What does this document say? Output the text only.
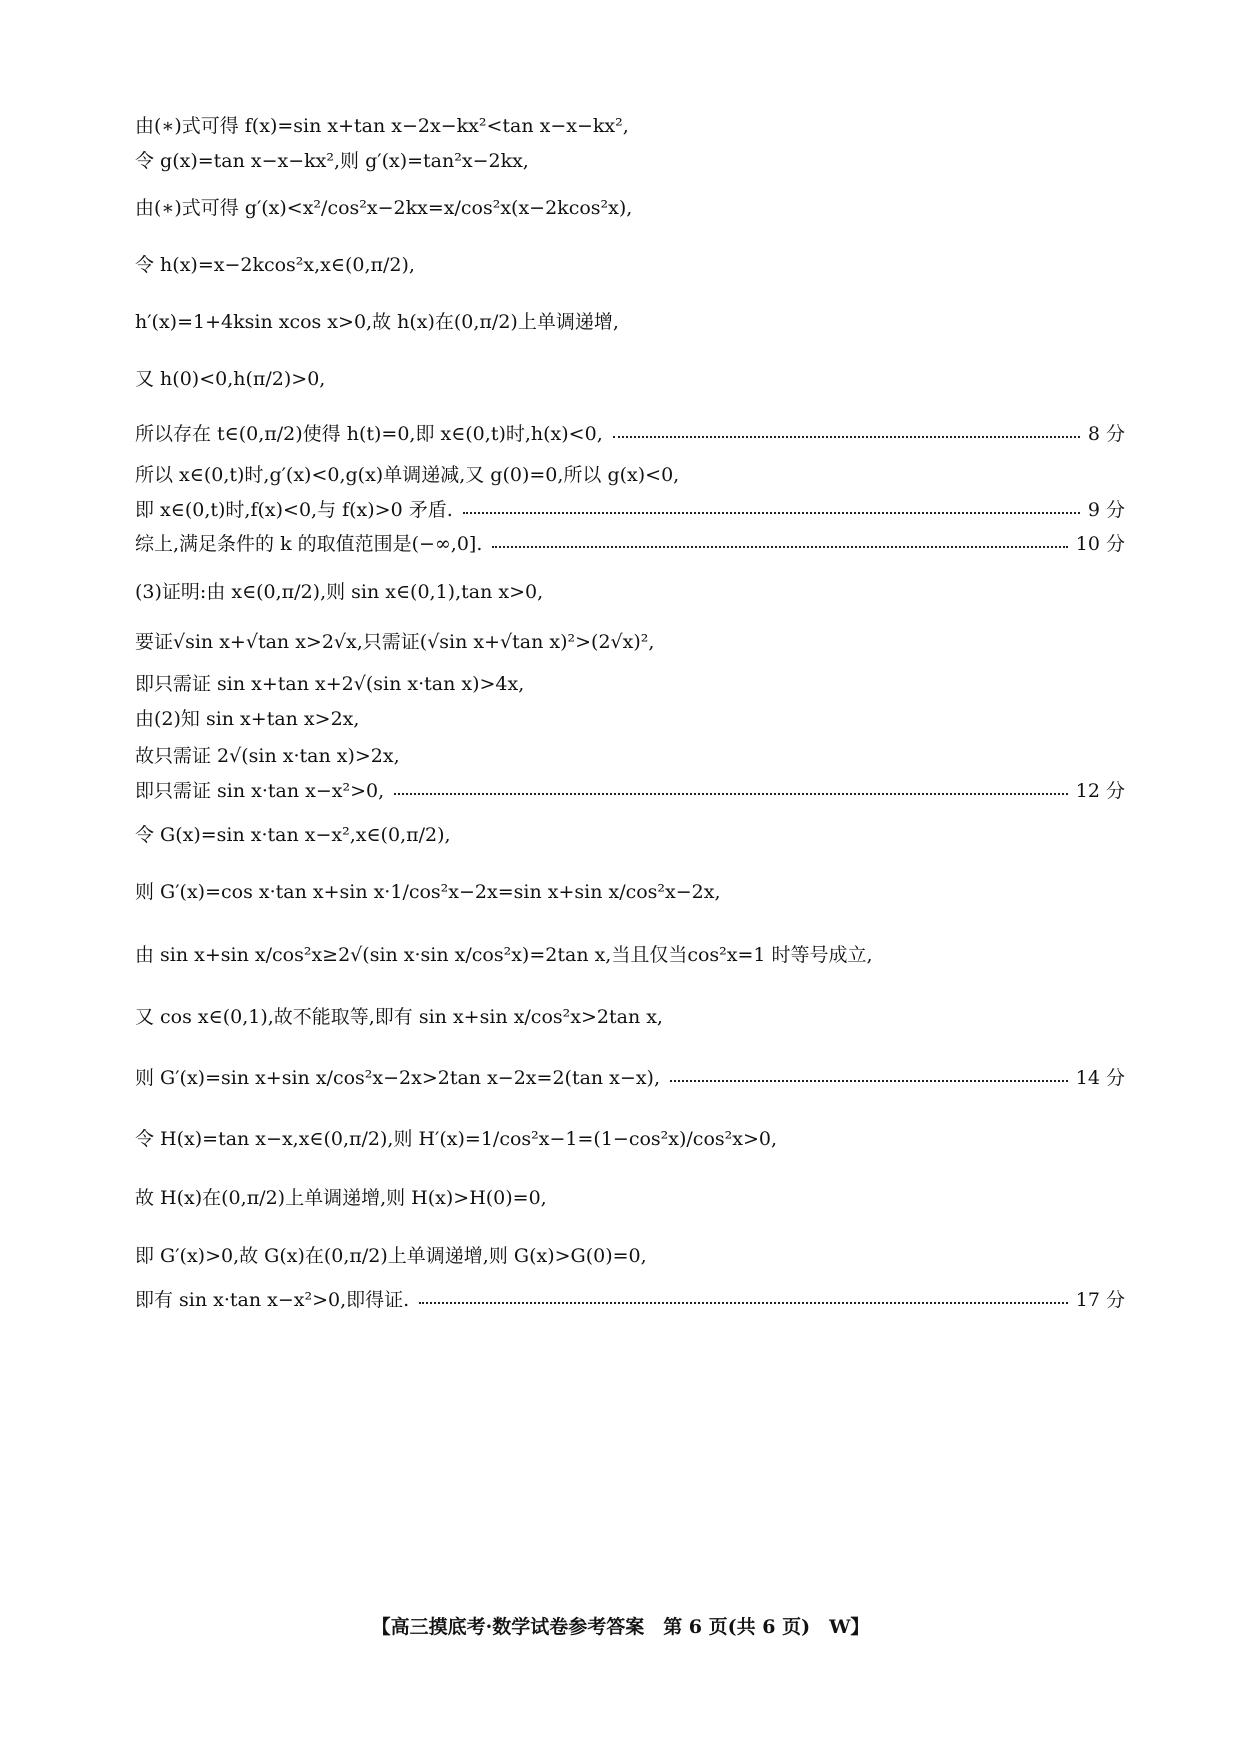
由(∗)式可得 f(x)=sin x+tan x−2x−kx²<tan x−x−kx²,
令 g(x)=tan x−x−kx²,则 g′(x)=tan²x−2kx,
由(∗)式可得 g′(x)<x²/cos²x−2kx=x/cos²x(x−2kcos²x),
令 h(x)=x−2kcos²x,x∈(0,π/2),
h′(x)=1+4ksin xcos x>0,故 h(x)在(0,π/2)上单调递增,
又 h(0)<0,h(π/2)>0,
所以存在 t∈(0,π/2)使得 h(t)=0,即 x∈(0,t)时,h(x)<0,	8 分
所以 x∈(0,t)时,g′(x)<0,g(x)单调递减,又 g(0)=0,所以 g(x)<0,
即 x∈(0,t)时,f(x)<0,与 f(x)>0 矛盾.	9 分
综上,满足条件的 k 的取值范围是(−∞,0].	10 分
(3)证明:由 x∈(0,π/2),则 sin x∈(0,1),tan x>0,
要证√sin x+√tan x>2√x,只需证(√sin x+√tan x)²>(2√x)²,
即只需证 sin x+tan x+2√(sin x·tan x)>4x,
由(2)知 sin x+tan x>2x,
故只需证 2√(sin x·tan x)>2x,
即只需证 sin x·tan x−x²>0,	12 分
令 G(x)=sin x·tan x−x²,x∈(0,π/2),
则 G′(x)=cos x·tan x+sin x·1/cos²x−2x=sin x+sin x/cos²x−2x,
由 sin x+sin x/cos²x≥2√(sin x·sin x/cos²x)=2tan x,当且仅当cos²x=1 时等号成立,
又 cos x∈(0,1),故不能取等,即有 sin x+sin x/cos²x>2tan x,
则 G′(x)=sin x+sin x/cos²x−2x>2tan x−2x=2(tan x−x),	14 分
令 H(x)=tan x−x,x∈(0,π/2),则 H′(x)=1/cos²x−1=(1−cos²x)/cos²x>0,
故 H(x)在(0,π/2)上单调递增,则 H(x)>H(0)=0,
即 G′(x)>0,故 G(x)在(0,π/2)上单调递增,则 G(x)>G(0)=0,
即有 sin x·tan x−x²>0,即得证.	17 分
【高三摸底考·数学试卷参考答案　第 6 页(共 6 页)　W】
